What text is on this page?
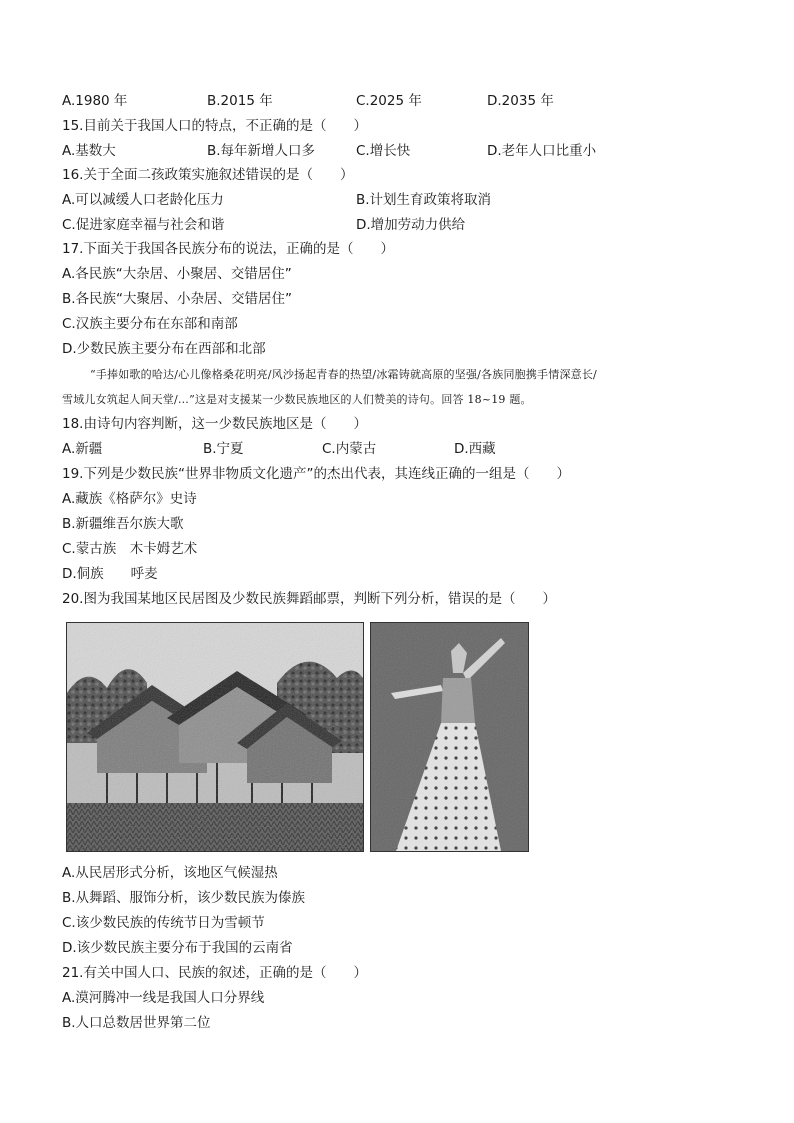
A.1980 年	B.2015 年	C.2025 年	D.2035 年
15.目前关于我国人口的特点，不正确的是（　　）
A.基数大	B.每年新增人口多	C.增长快	D.老年人口比重小
16.关于全面二孩政策实施叙述错误的是（　　）
A.可以减缓人口老龄化压力	B.计划生育政策将取消
C.促进家庭幸福与社会和谐	D.增加劳动力供给
17.下面关于我国各民族分布的说法，正确的是（　　）
A.各民族“大杂居、小聚居、交错居住”
B.各民族“大聚居、小杂居、交错居住”
C.汉族主要分布在东部和南部
D.少数民族主要分布在西部和北部
“手捧如歌的哈达/心儿像格桑花明亮/风沙扬起青春的热望/冰霜铸就高原的坚强/各族同胞携手情深意长/
雪域儿女筑起人间天堂/…”这是对支援某一少数民族地区的人们赞美的诗句。回答 18~19 题。
18.由诗句内容判断，这一少数民族地区是（　　）
A.新疆	B.宁夏	C.内蒙古	D.西藏
19.下列是少数民族“世界非物质文化遗产”的杰出代表，其连线正确的一组是（　　）
A.藏族《格萨尔》史诗
B.新疆维吾尔族大歌
C.蒙古族　木卡姆艺术
D.侗族　　呼麦
20.图为我国某地区民居图及少数民族舞蹈邮票，判断下列分析，错误的是（　　）
A.从民居形式分析，该地区气候湿热
B.从舞蹈、服饰分析，该少数民族为傣族
C.该少数民族的传统节日为雪顿节
D.该少数民族主要分布于我国的云南省
21.有关中国人口、民族的叙述，正确的是（　　）
A.漠河腾冲一线是我国人口分界线
B.人口总数居世界第二位
